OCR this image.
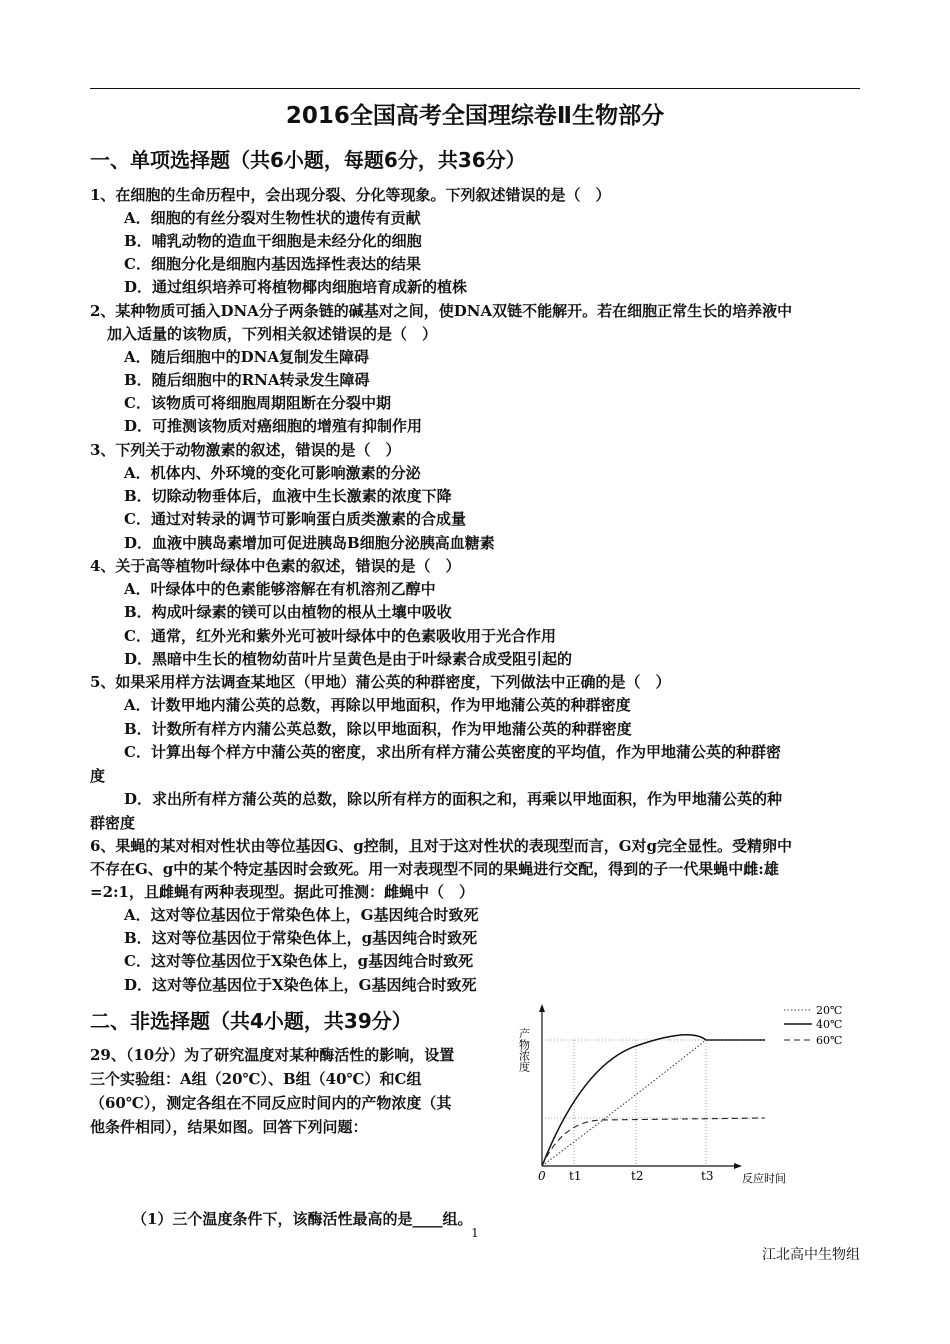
2016全国高考全国理综卷Ⅱ生物部分
一、单项选择题（共6小题，每题6分，共36分）
1、在细胞的生命历程中，会出现分裂、分化等现象。下列叙述错误的是（　）
A．细胞的有丝分裂对生物性状的遗传有贡献
B．哺乳动物的造血干细胞是未经分化的细胞
C．细胞分化是细胞内基因选择性表达的结果
D．通过组织培养可将植物椰肉细胞培育成新的植株
2、某种物质可插入DNA分子两条链的碱基对之间，使DNA双链不能解开。若在细胞正常生长的培养液中
加入适量的该物质，下列相关叙述错误的是（　）
A．随后细胞中的DNA复制发生障碍
B．随后细胞中的RNA转录发生障碍
C．该物质可将细胞周期阻断在分裂中期
D．可推测该物质对癌细胞的增殖有抑制作用
3、下列关于动物激素的叙述，错误的是（　）
A．机体内、外环境的变化可影响激素的分泌
B．切除动物垂体后，血液中生长激素的浓度下降
C．通过对转录的调节可影响蛋白质类激素的合成量
D．血液中胰岛素增加可促进胰岛B细胞分泌胰高血糖素
4、关于高等植物叶绿体中色素的叙述，错误的是（　）
A．叶绿体中的色素能够溶解在有机溶剂乙醇中
B．构成叶绿素的镁可以由植物的根从土壤中吸收
C．通常，红外光和紫外光可被叶绿体中的色素吸收用于光合作用
D．黑暗中生长的植物幼苗叶片呈黄色是由于叶绿素合成受阻引起的
5、如果采用样方法调查某地区（甲地）蒲公英的种群密度，下列做法中正确的是（　）
A．计数甲地内蒲公英的总数，再除以甲地面积，作为甲地蒲公英的种群密度
B．计数所有样方内蒲公英总数，除以甲地面积，作为甲地蒲公英的种群密度
C．计算出每个样方中蒲公英的密度，求出所有样方蒲公英密度的平均值，作为甲地蒲公英的种群密
度
D．求出所有样方蒲公英的总数，除以所有样方的面积之和，再乘以甲地面积，作为甲地蒲公英的种
群密度
6、果蝇的某对相对性状由等位基因G、g控制，且对于这对性状的表现型而言，G对g完全显性。受精卵中
不存在G、g中的某个特定基因时会致死。用一对表现型不同的果蝇进行交配，得到的子一代果蝇中雌:雄
=2:1，且雌蝇有两种表现型。据此可推测：雌蝇中（　）
A．这对等位基因位于常染色体上，G基因纯合时致死
B．这对等位基因位于常染色体上，g基因纯合时致死
C．这对等位基因位于X染色体上，g基因纯合时致死
D．这对等位基因位于X染色体上，G基因纯合时致死
二、非选择题（共4小题，共39分）
29、（10分）为了研究温度对某种酶活性的影响，设置
三个实验组：A组（20℃）、B组（40℃）和C组
（60℃），测定各组在不同反应时间内的产物浓度（其
他条件相同），结果如图。回答下列问题：
产物浓度
0 t1	t2	t3	反应时间
20℃
40℃
60℃
（1）三个温度条件下，该酶活性最高的是____组。
1
江北高中生物组
